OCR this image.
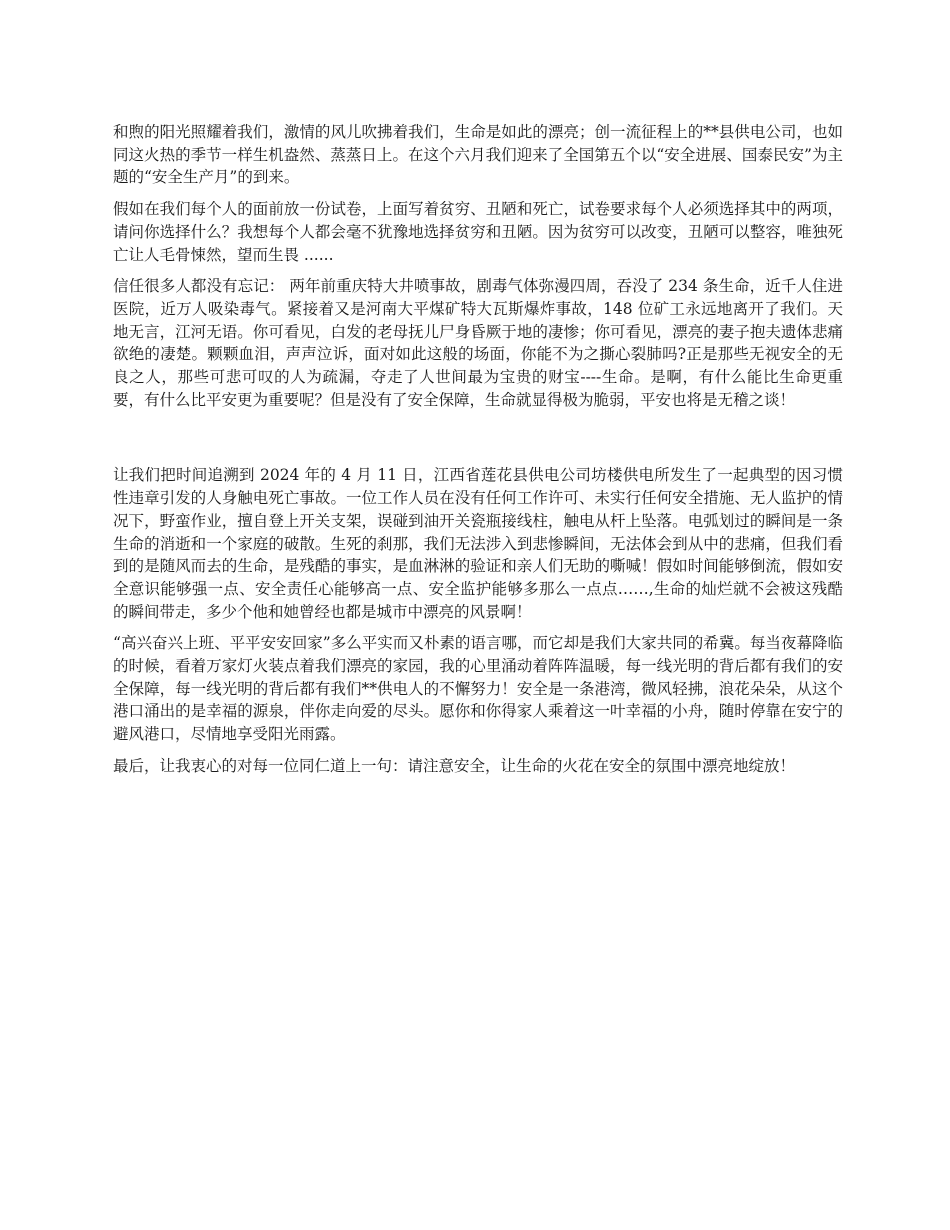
和煦的阳光照耀着我们，激情的风儿吹拂着我们，生命是如此的漂亮；创一流征程上的**县供电公司，也如同这火热的季节一样生机盎然、蒸蒸日上。在这个六月我们迎来了全国第五个以“安全进展、国泰民安”为主题的“安全生产月”的到来。

假如在我们每个人的面前放一份试卷，上面写着贫穷、丑陋和死亡，试卷要求每个人必须选择其中的两项，请问你选择什么？我想每个人都会毫不犹豫地选择贫穷和丑陋。因为贫穷可以改变，丑陋可以整容，唯独死亡让人毛骨悚然，望而生畏 ......

信任很多人都没有忘记： 两年前重庆特大井喷事故，剧毒气体弥漫四周，吞没了 234 条生命，近千人住进医院，近万人吸染毒气。紧接着又是河南大平煤矿特大瓦斯爆炸事故，148 位矿工永远地离开了我们。天地无言，江河无语。你可看见，白发的老母抚儿尸身昏厥于地的凄惨；你可看见，漂亮的妻子抱夫遗体悲痛欲绝的凄楚。颗颗血泪，声声泣诉，面对如此这般的场面，你能不为之撕心裂肺吗?正是那些无视安全的无良之人，那些可悲可叹的人为疏漏，夺走了人世间最为宝贵的财宝----生命。是啊，有什么能比生命更重要，有什么比平安更为重要呢？但是没有了安全保障，生命就显得极为脆弱，平安也将是无稽之谈！

让我们把时间追溯到 2024 年的 4 月 11 日，江西省莲花县供电公司坊楼供电所发生了一起典型的因习惯性违章引发的人身触电死亡事故。一位工作人员在没有任何工作许可、未实行任何安全措施、无人监护的情况下，野蛮作业，擅自登上开关支架，误碰到油开关瓷瓶接线柱，触电从杆上坠落。电弧划过的瞬间是一条生命的消逝和一个家庭的破散。生死的刹那，我们无法涉入到悲惨瞬间，无法体会到从中的悲痛，但我们看到的是随风而去的生命，是残酷的事实，是血淋淋的验证和亲人们无助的嘶喊！假如时间能够倒流，假如安全意识能够强一点、安全责任心能够高一点、安全监护能够多那么一点点……,生命的灿烂就不会被这残酷的瞬间带走，多少个他和她曾经也都是城市中漂亮的风景啊！

“高兴奋兴上班、平平安安回家”多么平实而又朴素的语言哪，而它却是我们大家共同的希冀。每当夜幕降临的时候，看着万家灯火装点着我们漂亮的家园，我的心里涌动着阵阵温暖，每一线光明的背后都有我们的安全保障，每一线光明的背后都有我们**供电人的不懈努力！安全是一条港湾，微风轻拂，浪花朵朵，从这个港口涌出的是幸福的源泉，伴你走向爱的尽头。愿你和你得家人乘着这一叶幸福的小舟，随时停靠在安宁的避风港口，尽情地享受阳光雨露。

最后，让我衷心的对每一位同仁道上一句：请注意安全，让生命的火花在安全的氛围中漂亮地绽放！
